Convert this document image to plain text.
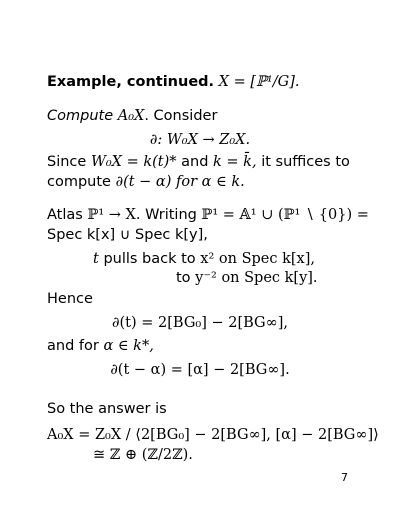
Example, continued. X = [ℙ¹/G].
Compute A₀X. Consider
∂: W₀X → Z₀X.
Since W₀X = k(t)* and k = k̄, it suffices to
compute ∂(t − α) for α ∈ k.
Atlas ℙ¹ → X. Writing ℙ¹ = 𝔸¹ ∪ (ℙ¹ ∖ {0}) =
Spec k[x] ∪ Spec k[y],
t pulls back to x² on Spec k[x],
to y⁻² on Spec k[y].
Hence
∂(t) = 2[BG₀] − 2[BG∞],
and for α ∈ k*,
∂(t − α) = [α] − 2[BG∞].
So the answer is
A₀X = Z₀X / ⟨2[BG₀] − 2[BG∞], [α] − 2[BG∞]⟩
≅ ℤ ⊕ (ℤ/2ℤ).
7
